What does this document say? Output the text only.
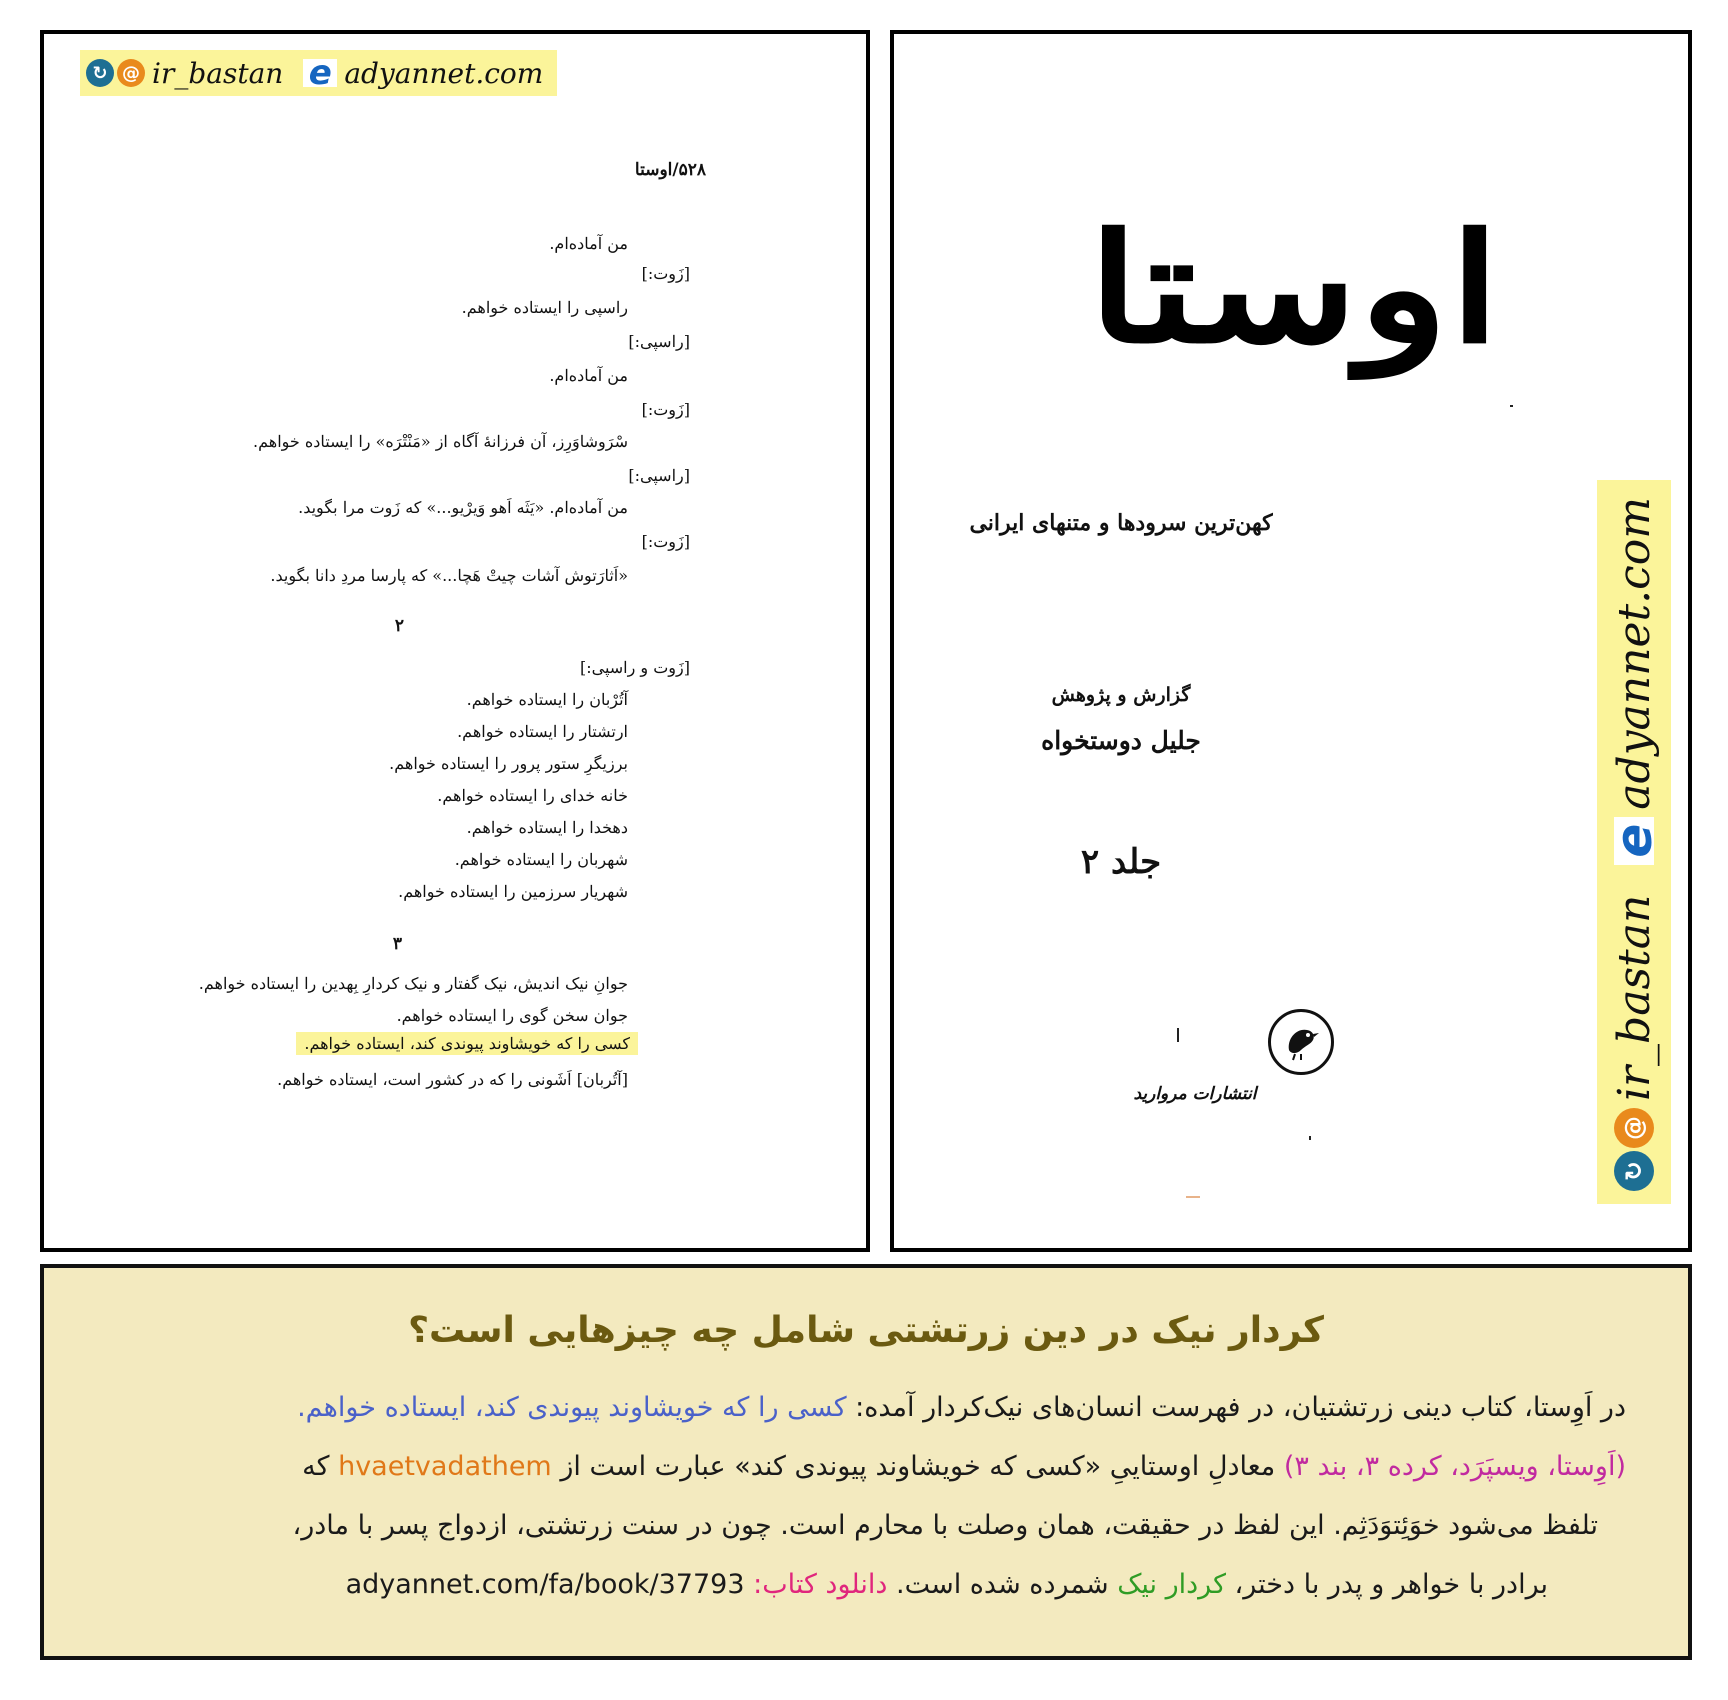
۵۲۸/اوستا
من آماده‌ام.
[زَوت:]
راسپی را ایستاده خواهم.
[راسپی:]
من آماده‌ام.
[زَوت:]
سْرَوشاوَرِز، آن فرزانهٔ آگاه از «مَنْتْرَه» را ایستاده خواهم.
[راسپی:]
من آماده‌ام. «یَثَه اَهو وَیرْیو...» که زَوت مرا بگوید.
[زَوت:]
«اَثارَتوش آشات چیتْ هَچا...» که پارسا مردِ دانا بگوید.
۲
[زَوت و راسپی:]
آتُرْبان را ایستاده خواهم.
ارتشتار را ایستاده خواهم.
برزیگرِ ستور پرور را ایستاده خواهم.
خانه خدای را ایستاده خواهم.
دهخدا را ایستاده خواهم.
شهربان را ایستاده خواهم.
شهریار سرزمین را ایستاده خواهم.
۳
جوانِ نیک اندیش، نیک گفتار و نیک کردارِ بِهدین را ایستاده خواهم.
جوان سخن گوی را ایستاده خواهم.
کسی را که خویشاوند پیوندی کند، ایستاده خواهم.
[آتُربان] اَشَونی را که در کشور است، ایستاده خواهم.
↻ @ ir_bastan e adyannet.com
اوستا
کهن‌ترین سرودها و متنهای ایرانی
گزارش و پژوهش
جلیل دوستخواه
جلد ۲
انتشارات مروارید
↻
@
ir_bastan
e
adyannet.com
کردار نیک در دین زرتشتی شامل چه چیزهایی است؟
در اَوِستا، کتاب دینی زرتشتیان، در فهرست انسان‌های نیک‌کردار آمده: کسی را که خویشاوند پیوندی کند، ایستاده خواهم.
(اَوِستا، ویسپَرَد، کرده ۳، بند ۳) معادلِ اوستاییِ «کسی که خویشاوند پیوندی کند» عبارت است از hvaetvadathem که
تلفظ می‌شود خوَئِتوَدَثِم. این لفظ در حقیقت، همان وصلت با محارم است. چون در سنت زرتشتی، ازدواج پسر با مادر،
برادر با خواهر و پدر با دختر، کردار نیک شمرده شده است. دانلود کتاب: adyannet.com/fa/book/37793
